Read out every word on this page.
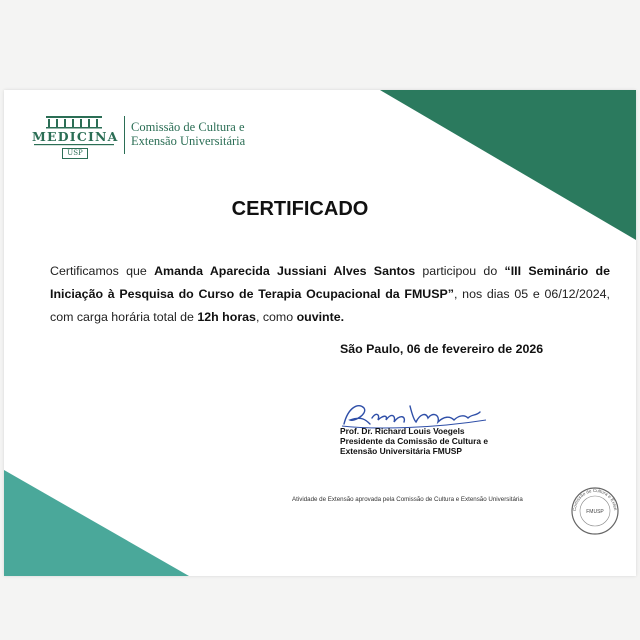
MEDICINA
USP
Comissão de Cultura e
Extensão Universitária
CERTIFICADO
Certificamos que Amanda Aparecida Jussiani Alves Santos participou do “III Seminário de Iniciação à Pesquisa do Curso de Terapia Ocupacional da FMUSP”, nos dias 05 e 06/12/2024, com carga horária total de 12h horas, como ouvinte.
São Paulo, 06 de fevereiro de 2026
Prof. Dr. Richard Louis Voegels
Presidente da Comissão de Cultura e
Extensão Universitária FMUSP
Atividade de Extensão aprovada pela Comissão de Cultura e Extensão Universitária
Comissão de Cultura e Exten
FMUSP
